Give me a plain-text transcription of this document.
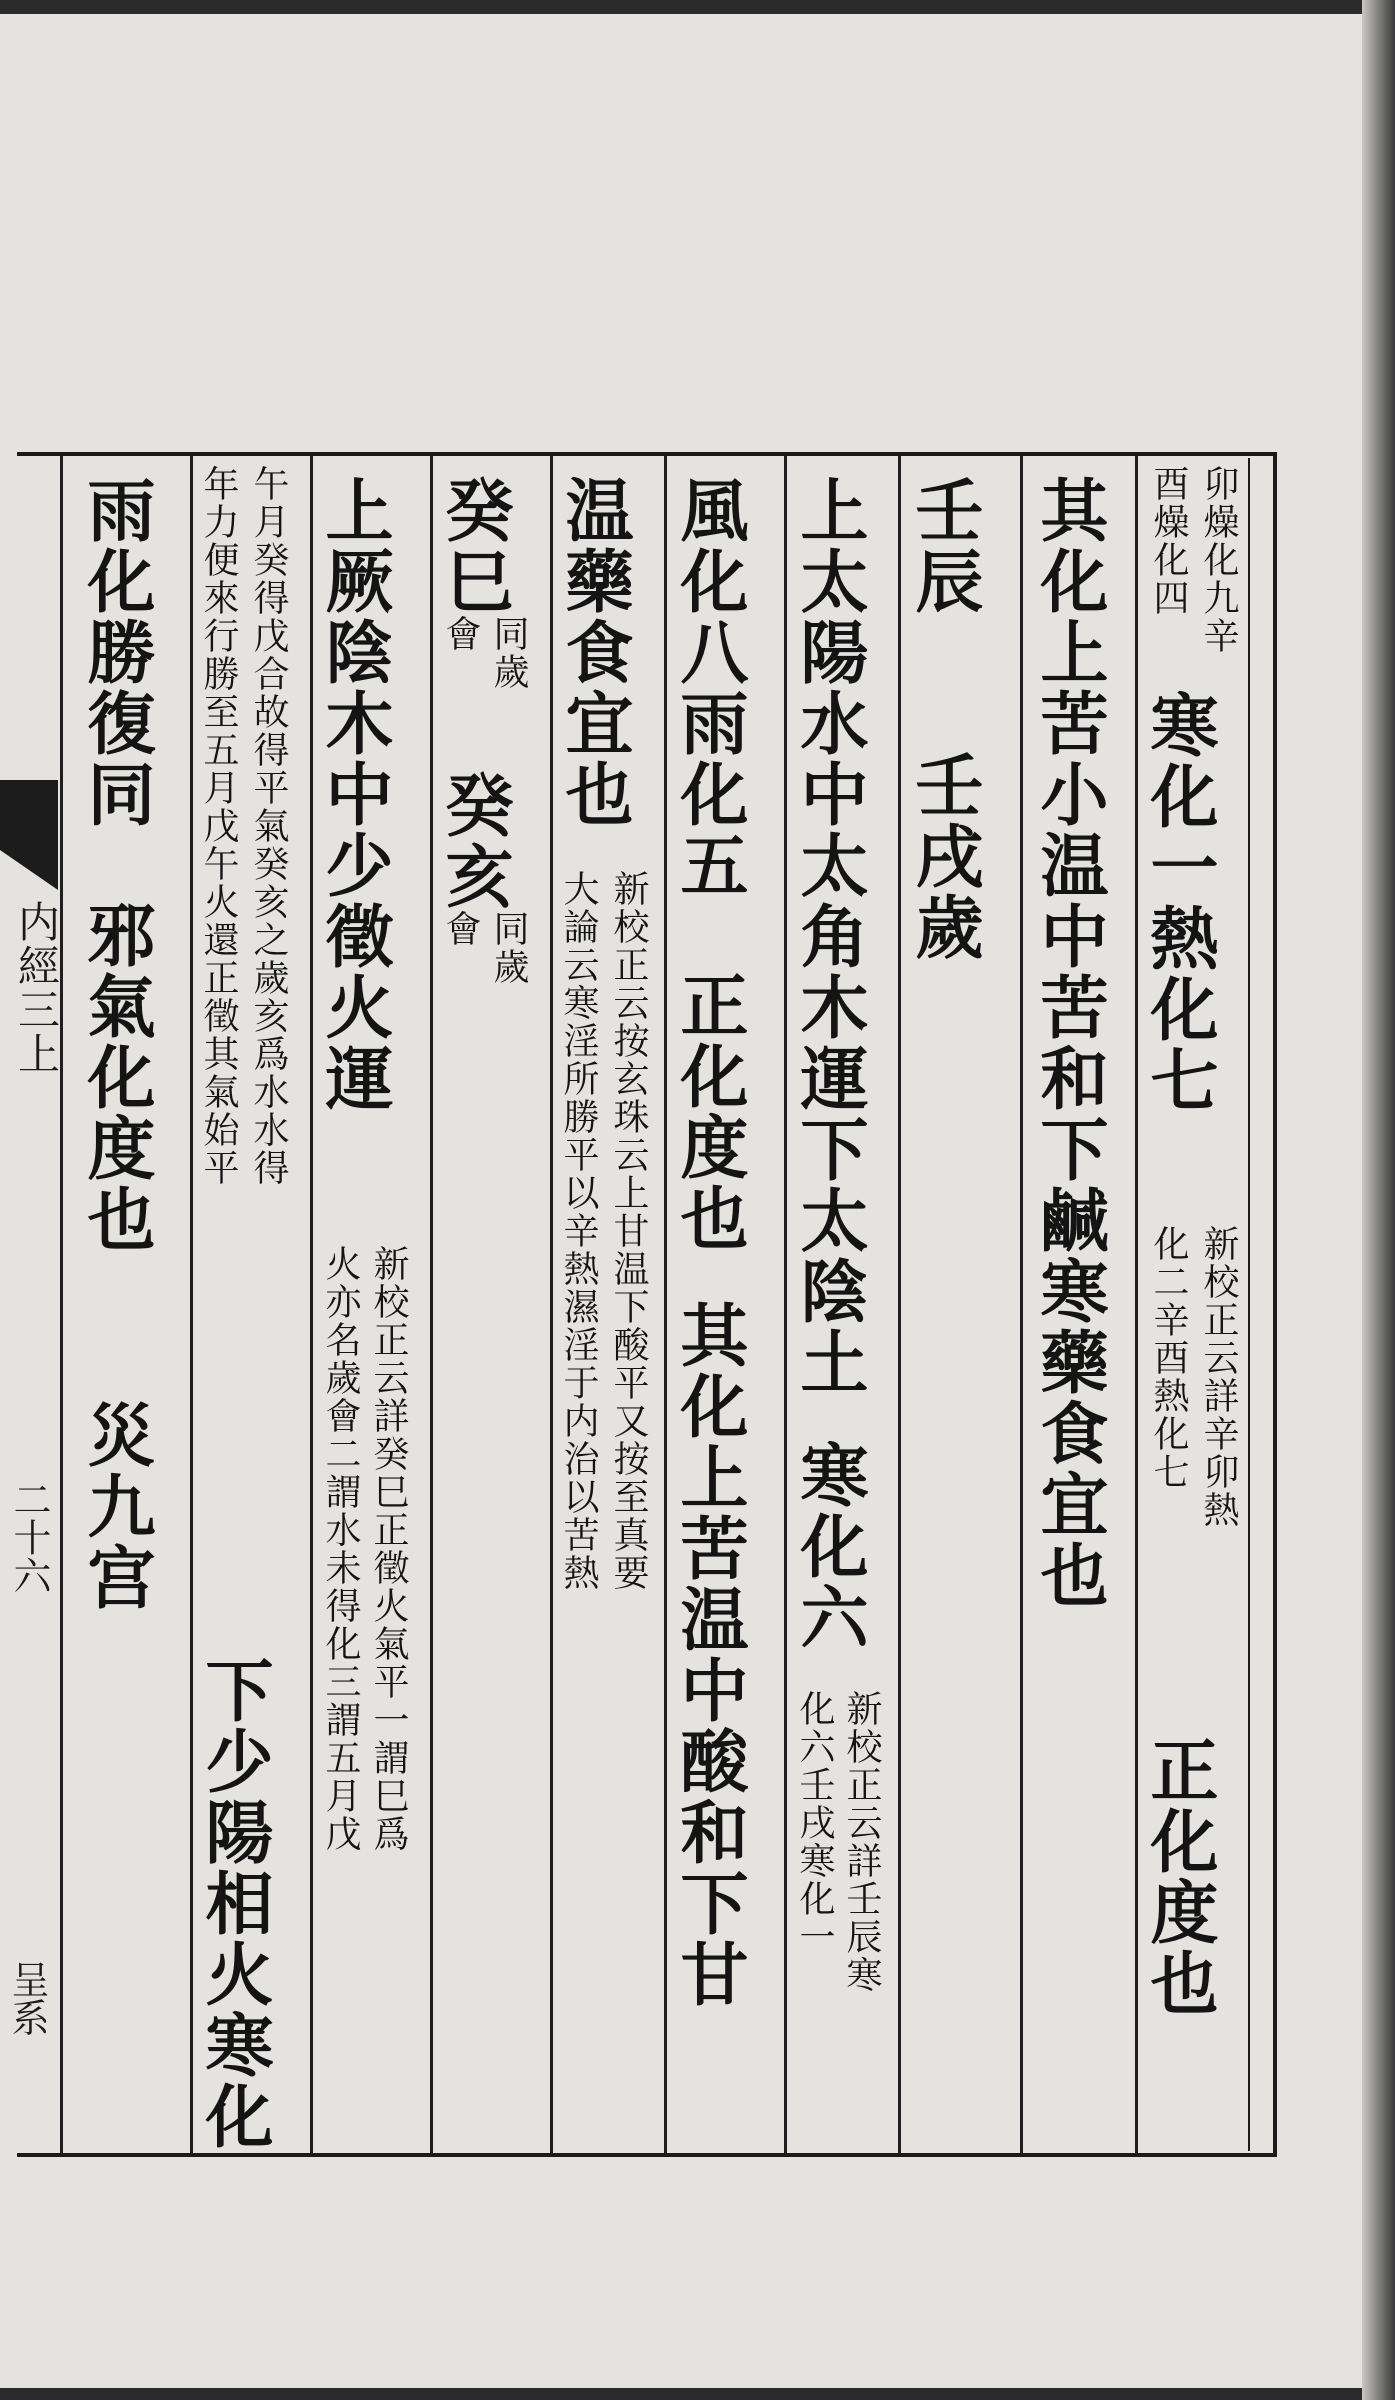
内經三上
二十六
呈系
卯燥化九辛
酉燥化四
寒化一熱化七
新校正云詳辛卯熱
化二辛酉熱化七
正化度也
其化上苦小温中苦和下鹹寒藥食宜也
壬辰
壬戌歲
上太陽水中太角木運下太陰土
寒化六
新校正云詳壬辰寒
化六壬戌寒化一
風化八雨化五
正化度也
其化上苦温中酸和下甘
温藥食宜也
新校正云按玄珠云上甘温下酸平又按至真要
大論云寒淫所勝平以辛熱濕淫于内治以苦熱
癸巳
同歲
會
癸亥
同歲
會
上厥陰木中少徵火運
新校正云詳癸巳正徵火氣平一謂巳爲
火亦名歲會二謂水未得化三謂五月戊
午月癸得戊合故得平氣癸亥之歲亥爲水水得
年力便來行勝至五月戊午火還正徵其氣始平
下少陽相火寒化
雨化勝復同
邪氣化度也
災九宫
